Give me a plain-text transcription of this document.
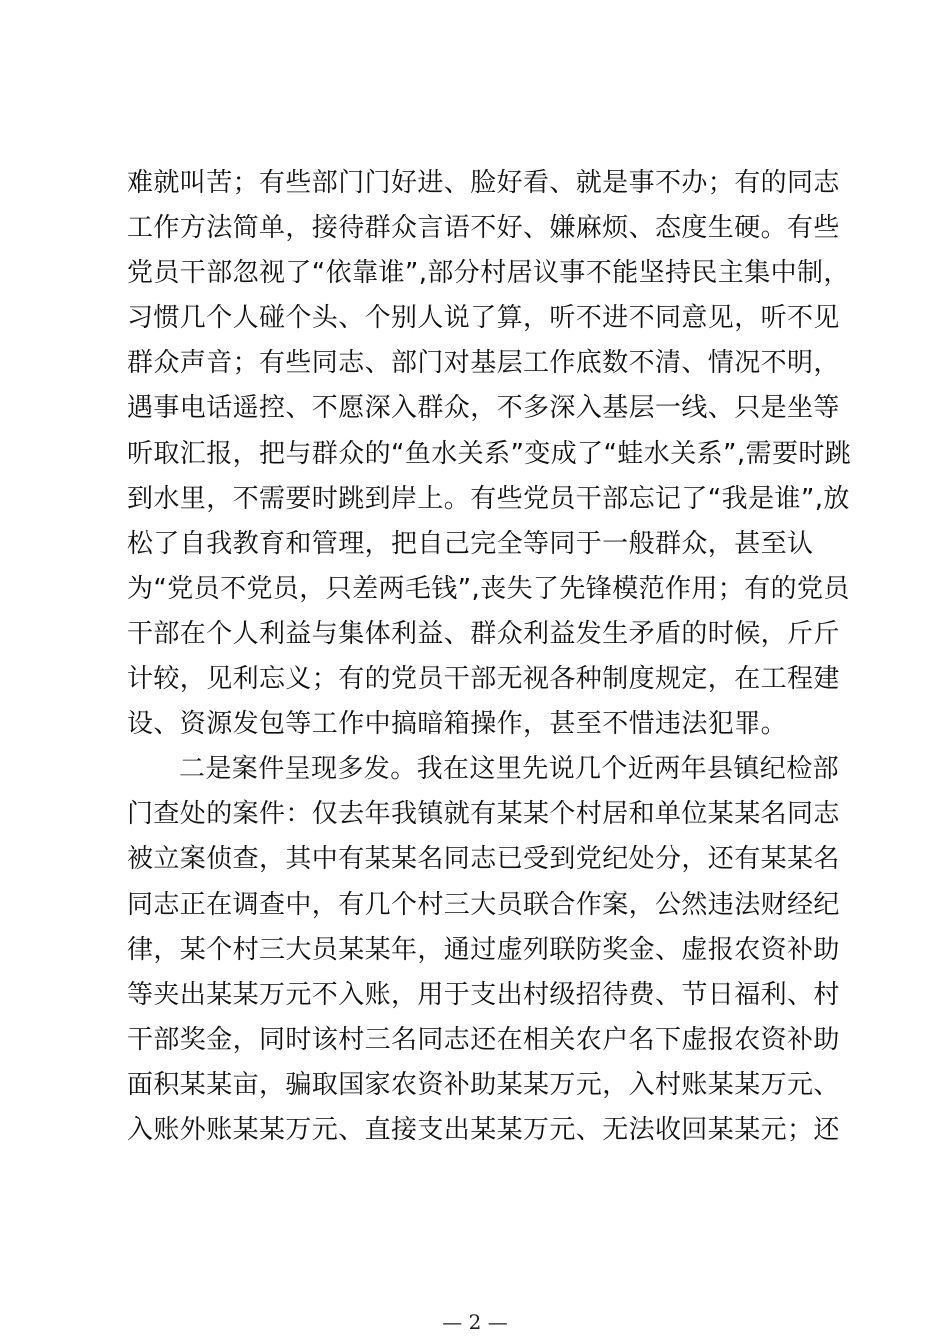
难就叫苦；有些部门门好进、脸好看、就是事不办；有的同志
工作方法简单，接待群众言语不好、嫌麻烦、态度生硬。有些
党员干部忽视了“依靠谁”,部分村居议事不能坚持民主集中制，
习惯几个人碰个头、个别人说了算，听不进不同意见，听不见
群众声音；有些同志、部门对基层工作底数不清、情况不明，
遇事电话遥控、不愿深入群众，不多深入基层一线、只是坐等
听取汇报，把与群众的“鱼水关系”变成了“蛙水关系”,需要时跳
到水里，不需要时跳到岸上。有些党员干部忘记了“我是谁”,放
松了自我教育和管理，把自己完全等同于一般群众，甚至认
为“党员不党员，只差两毛钱”,丧失了先锋模范作用；有的党员
干部在个人利益与集体利益、群众利益发生矛盾的时候，斤斤
计较，见利忘义；有的党员干部无视各种制度规定，在工程建
设、资源发包等工作中搞暗箱操作，甚至不惜违法犯罪。
二是案件呈现多发。我在这里先说几个近两年县镇纪检部
门查处的案件：仅去年我镇就有某某个村居和单位某某名同志
被立案侦查，其中有某某名同志已受到党纪处分，还有某某名
同志正在调查中，有几个村三大员联合作案，公然违法财经纪
律，某个村三大员某某年，通过虚列联防奖金、虚报农资补助
等夹出某某万元不入账，用于支出村级招待费、节日福利、村
干部奖金，同时该村三名同志还在相关农户名下虚报农资补助
面积某某亩，骗取国家农资补助某某万元，入村账某某万元、
入账外账某某万元、直接支出某某万元、无法收回某某元；还
— 2 —
